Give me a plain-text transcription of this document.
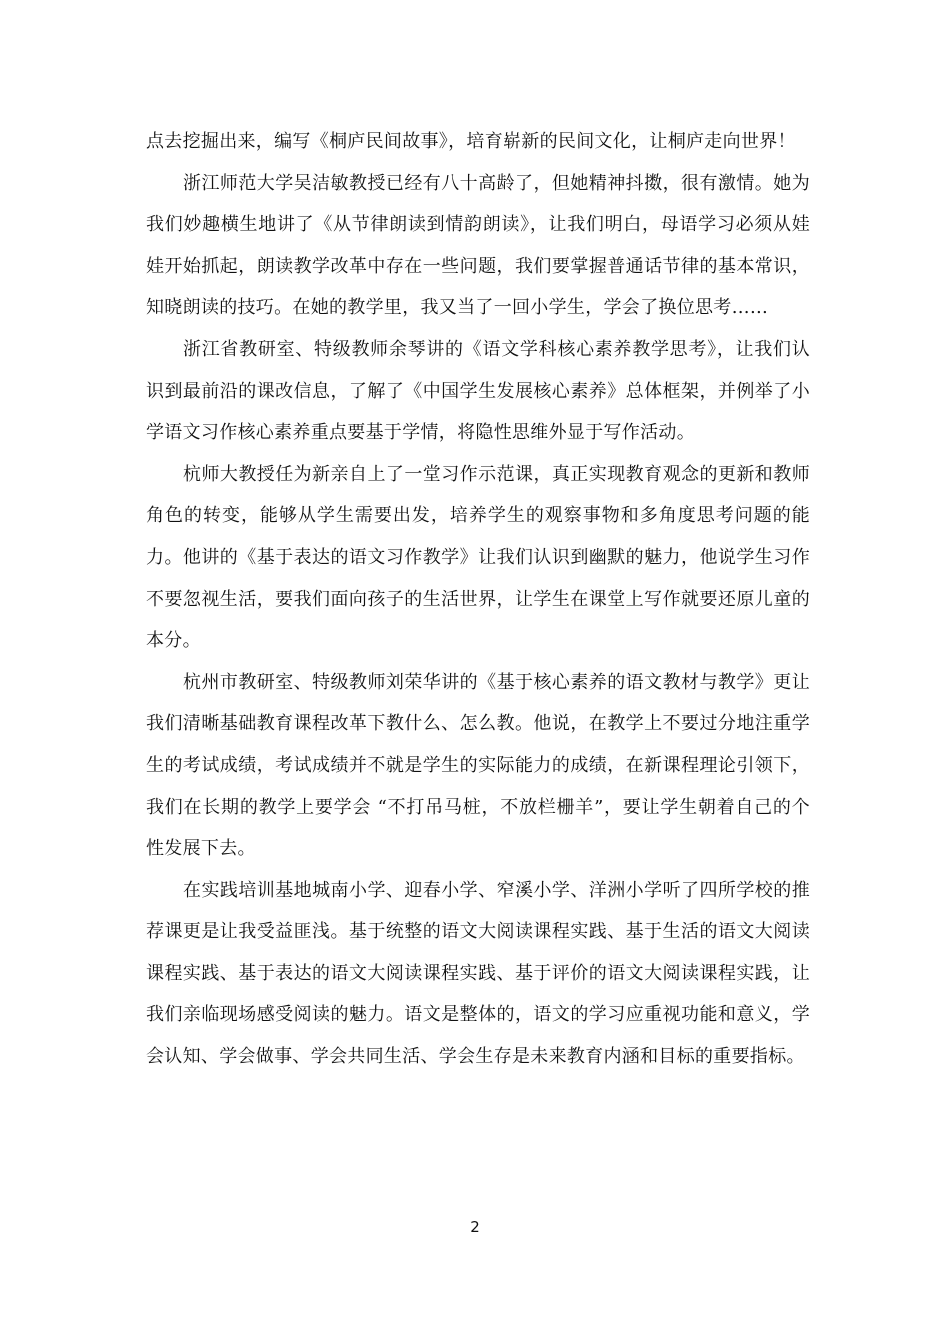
点去挖掘出来，编写《桐庐民间故事》，培育崭新的民间文化，让桐庐走向世界！

浙江师范大学吴洁敏教授已经有八十高龄了，但她精神抖擞，很有激情。她为我们妙趣横生地讲了《从节律朗读到情韵朗读》，让我们明白，母语学习必须从娃娃开始抓起，朗读教学改革中存在一些问题，我们要掌握普通话节律的基本常识，知晓朗读的技巧。在她的教学里，我又当了一回小学生，学会了换位思考……

浙江省教研室、特级教师余琴讲的《语文学科核心素养教学思考》，让我们认识到最前沿的课改信息，了解了《中国学生发展核心素养》总体框架，并例举了小学语文习作核心素养重点要基于学情，将隐性思维外显于写作活动。

杭师大教授任为新亲自上了一堂习作示范课，真正实现教育观念的更新和教师角色的转变，能够从学生需要出发，培养学生的观察事物和多角度思考问题的能力。他讲的《基于表达的语文习作教学》让我们认识到幽默的魅力，他说学生习作不要忽视生活，要我们面向孩子的生活世界，让学生在课堂上写作就要还原儿童的本分。

杭州市教研室、特级教师刘荣华讲的《基于核心素养的语文教材与教学》更让我们清晰基础教育课程改革下教什么、怎么教。他说，在教学上不要过分地注重学生的考试成绩，考试成绩并不就是学生的实际能力的成绩，在新课程理论引领下，我们在长期的教学上要学会 “不打吊马桩，不放栏栅羊”，要让学生朝着自己的个性发展下去。

在实践培训基地城南小学、迎春小学、窄溪小学、洋洲小学听了四所学校的推荐课更是让我受益匪浅。基于统整的语文大阅读课程实践、基于生活的语文大阅读课程实践、基于表达的语文大阅读课程实践、基于评价的语文大阅读课程实践，让我们亲临现场感受阅读的魅力。语文是整体的，语文的学习应重视功能和意义，学会认知、学会做事、学会共同生活、学会生存是未来教育内涵和目标的重要指标。

2
